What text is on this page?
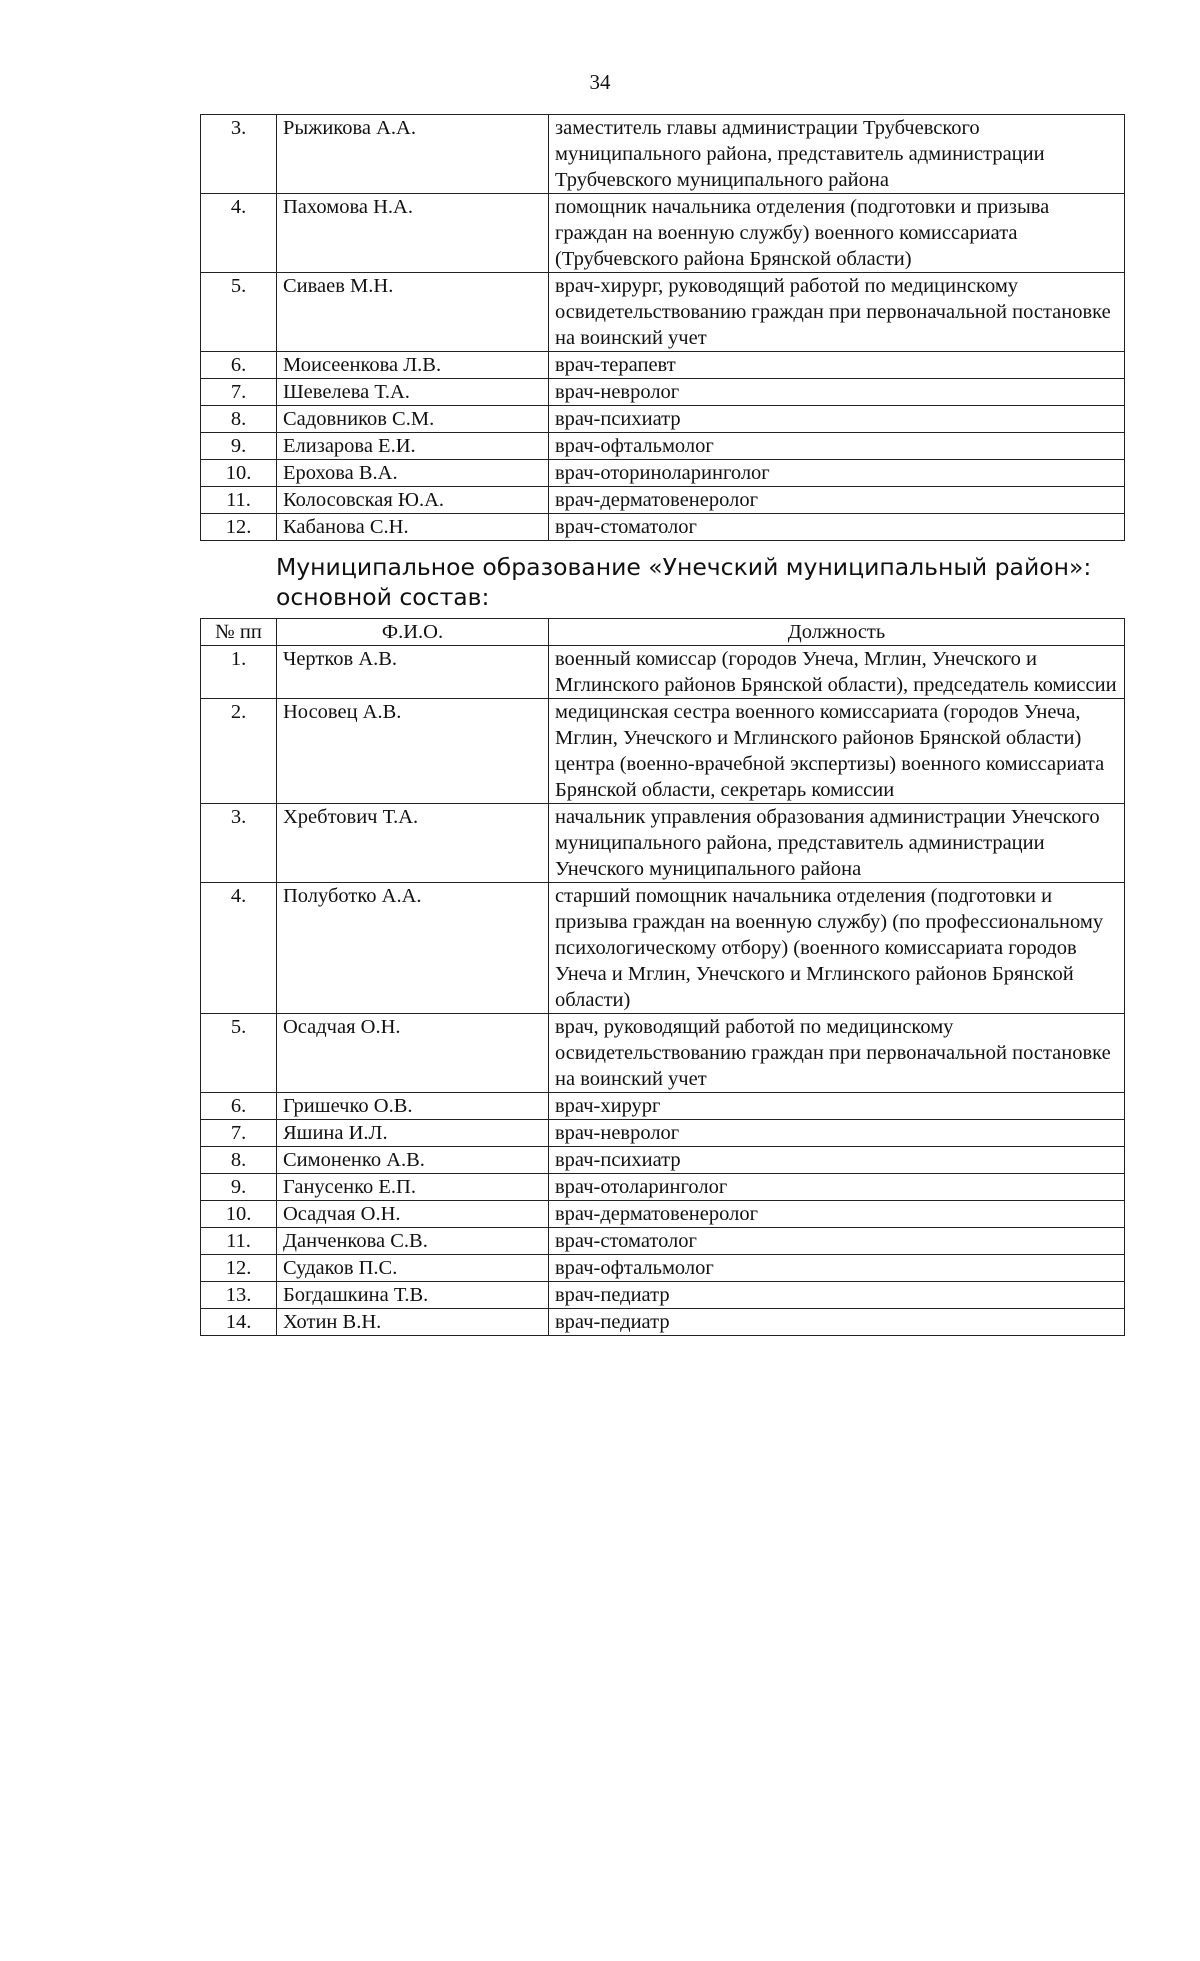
34
3.	Рыжикова А.А.	заместитель главы администрации Трубчевского муниципального района, представитель администрации Трубчевского муниципального района
4.	Пахомова Н.А.	помощник начальника отделения (подготовки и призыва граждан на военную службу) военного комиссариата (Трубчевского района Брянской области)
5.	Сиваев М.Н.	врач-хирург, руководящий работой по медицинскому освидетельствованию граждан при первоначальной постановке на воинский учет
6.	Моисеенкова Л.В.	врач-терапевт
7.	Шевелева Т.А.	врач-невролог
8.	Садовников С.М.	врач-психиатр
9.	Елизарова Е.И.	врач-офтальмолог
10.	Ерохова В.А.	врач-оториноларинголог
11.	Колосовская Ю.А.	врач-дерматовенеролог
12.	Кабанова С.Н.	врач-стоматолог
Муниципальное образование «Унечский муниципальный район»:
основной состав:
№ пп	Ф.И.О.	Должность
1.	Чертков А.В.	военный комиссар (городов Унеча, Мглин, Унечского и Мглинского районов Брянской области), председатель комиссии
2.	Носовец А.В.	медицинская сестра военного комиссариата (городов Унеча, Мглин, Унечского и Мглинского районов Брянской области) центра (военно-врачебной экспертизы) военного комиссариата Брянской области, секретарь комиссии
3.	Хребтович Т.А.	начальник управления образования администрации Унечского муниципального района, представитель администрации Унечского муниципального района
4.	Полуботко А.А.	старший помощник начальника отделения (подготовки и призыва граждан на военную службу) (по профессиональному психологическому отбору) (военного комиссариата городов Унеча и Мглин, Унечского и Мглинского районов Брянской области)
5.	Осадчая О.Н.	врач, руководящий работой по медицинскому освидетельствованию граждан при первоначальной постановке на воинский учет
6.	Гришечко О.В.	врач-хирург
7.	Яшина И.Л.	врач-невролог
8.	Симоненко А.В.	врач-психиатр
9.	Ганусенко Е.П.	врач-отоларинголог
10.	Осадчая О.Н.	врач-дерматовенеролог
11.	Данченкова С.В.	врач-стоматолог
12.	Судаков П.С.	врач-офтальмолог
13.	Богдашкина Т.В.	врач-педиатр
14.	Хотин В.Н.	врач-педиатр
